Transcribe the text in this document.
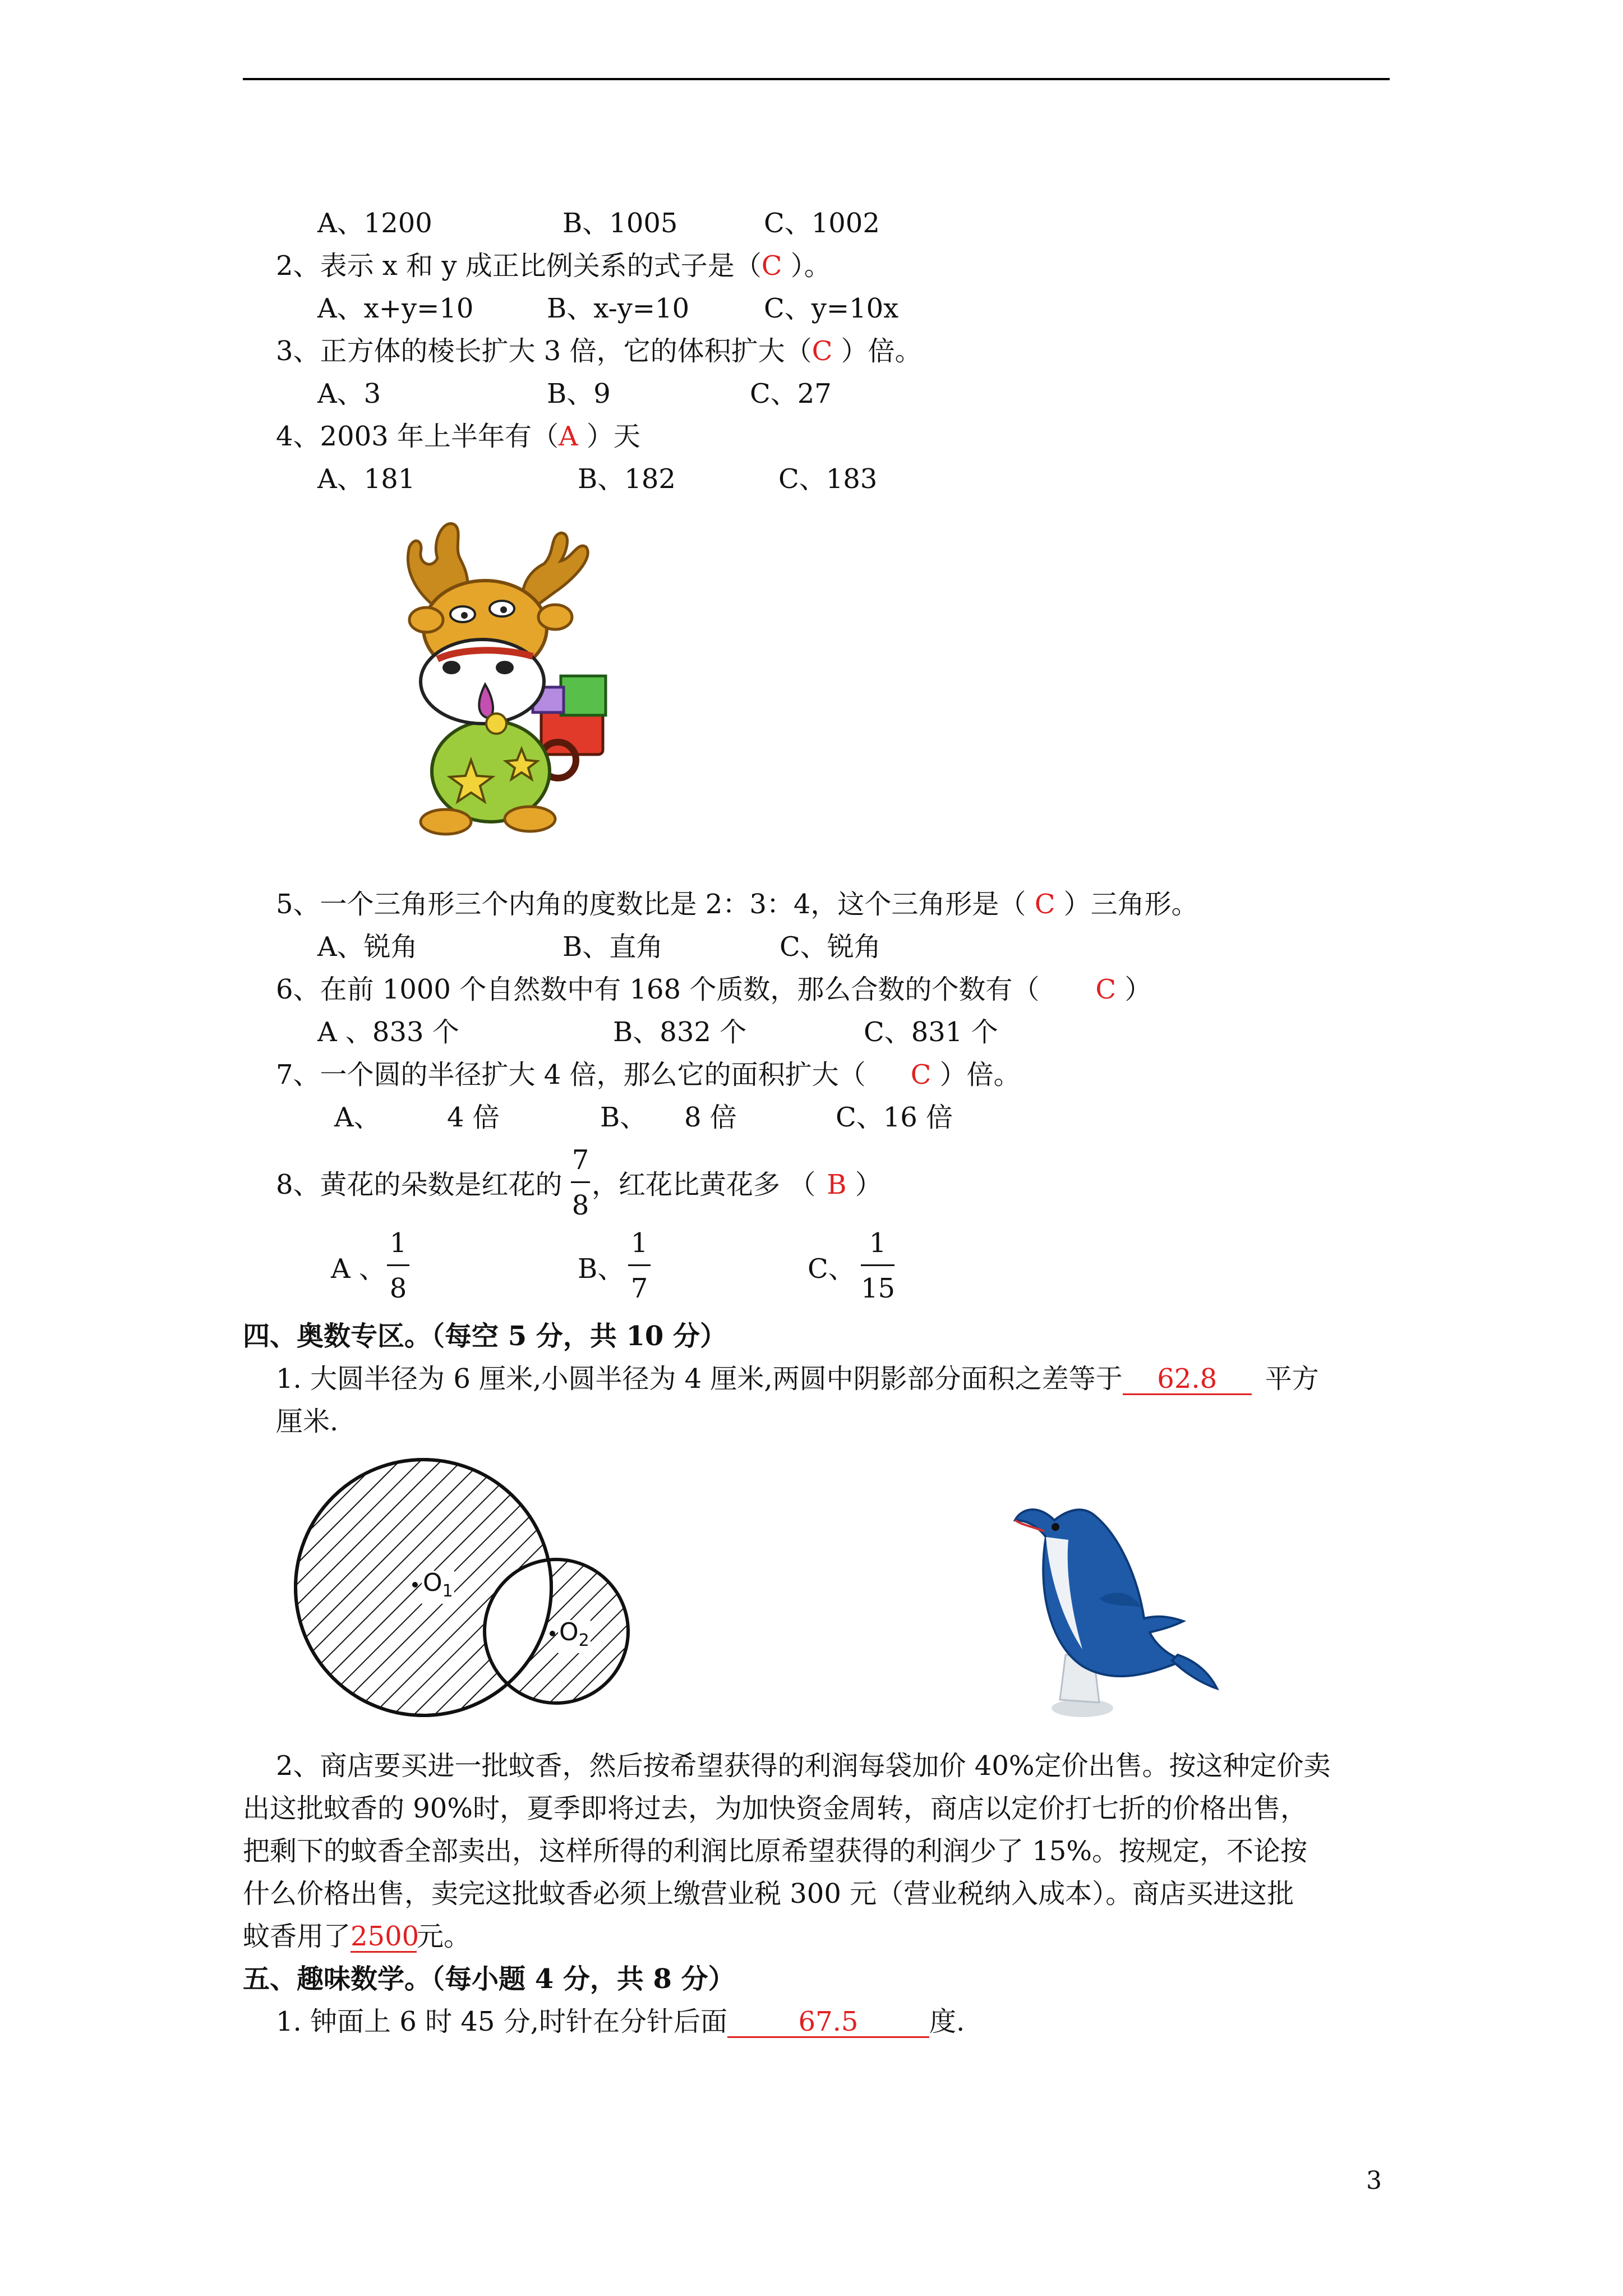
A、1200	B、1005	C、1002
2、表示 x 和 y 成正比例关系的式子是（C ）。
A、x+y=10	B、x-y=10	C、y=10x
3、正方体的棱长扩大 3 倍，它的体积扩大（C ）倍。
A、3	B、9	C、27
4、2003 年上半年有（A ）天
A、181	B、182	C、183
5、一个三角形三个内角的度数比是 2：3：4，这个三角形是（ C ）三角形。
A、锐角	B、直角	C、锐角
6、在前 1000 个自然数中有 168 个质数，那么合数的个数有（ C ）
A 、833 个	B、832 个	C、831 个
7、一个圆的半径扩大 4 倍，那么它的面积扩大（ C ）倍。
A、 4 倍	B、 8 倍	C、16 倍
8、黄花的朵数是红花的
7
8
，红花比黄花多 （ B ）
A 、
1
8
B、
1
7
C、
1
15
四、奥数专区。（每空 5 分，共 10 分）
1. 大圆半径为 6 厘米,小圆半径为 4 厘米,两圆中阴影部分面积之差等于 62.8 平方
厘米.
$O_1$
$O_2$
2、商店要买进一批蚊香，然后按希望获得的利润每袋加价 40%定价出售。按这种定价卖
出这批蚊香的 90%时，夏季即将过去，为加快资金周转，商店以定价打七折的价格出售，
把剩下的蚊香全部卖出，这样所得的利润比原希望获得的利润少了 15%。按规定，不论按
什么价格出售，卖完这批蚊香必须上缴营业税 300 元（营业税纳入成本）。商店买进这批
蚊香用了2500元。
五、趣味数学。（每小题 4 分，共 8 分）
1. 钟面上 6 时 45 分,时针在分针后面	67.5	度.
3
